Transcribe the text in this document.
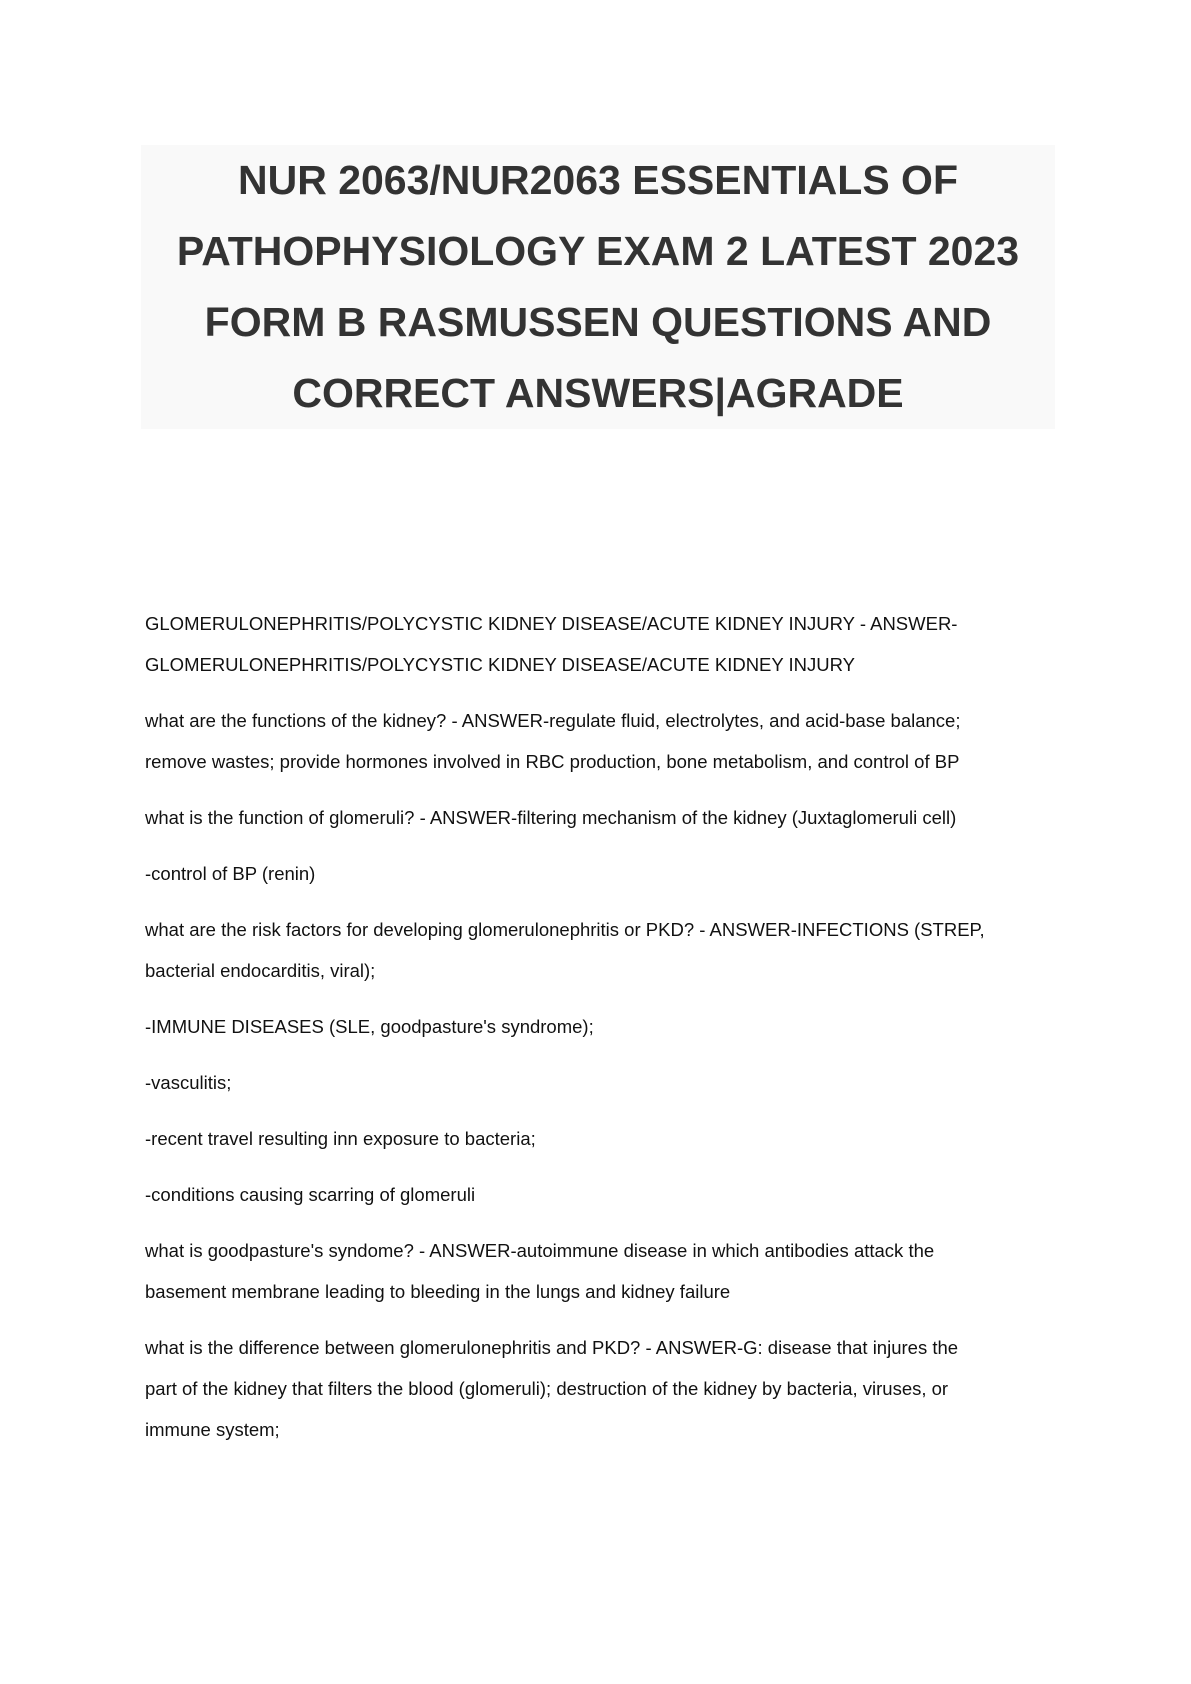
NUR 2063/NUR2063 ESSENTIALS OF
PATHOPHYSIOLOGY EXAM 2 LATEST 2023
FORM B RASMUSSEN QUESTIONS AND
CORRECT ANSWERS|AGRADE

GLOMERULONEPHRITIS/POLYCYSTIC KIDNEY DISEASE/ACUTE KIDNEY INJURY - ANSWER-
GLOMERULONEPHRITIS/POLYCYSTIC KIDNEY DISEASE/ACUTE KIDNEY INJURY

what are the functions of the kidney? - ANSWER-regulate fluid, electrolytes, and acid-base balance;
remove wastes; provide hormones involved in RBC production, bone metabolism, and control of BP

what is the function of glomeruli? - ANSWER-filtering mechanism of the kidney (Juxtaglomeruli cell)

-control of BP (renin)

what are the risk factors for developing glomerulonephritis or PKD? - ANSWER-INFECTIONS (STREP,
bacterial endocarditis, viral);

-IMMUNE DISEASES (SLE, goodpasture's syndrome);

-vasculitis;

-recent travel resulting inn exposure to bacteria;

-conditions causing scarring of glomeruli

what is goodpasture's syndome? - ANSWER-autoimmune disease in which antibodies attack the
basement membrane leading to bleeding in the lungs and kidney failure

what is the difference between glomerulonephritis and PKD? - ANSWER-G: disease that injures the
part of the kidney that filters the blood (glomeruli); destruction of the kidney by bacteria, viruses, or
immune system;
